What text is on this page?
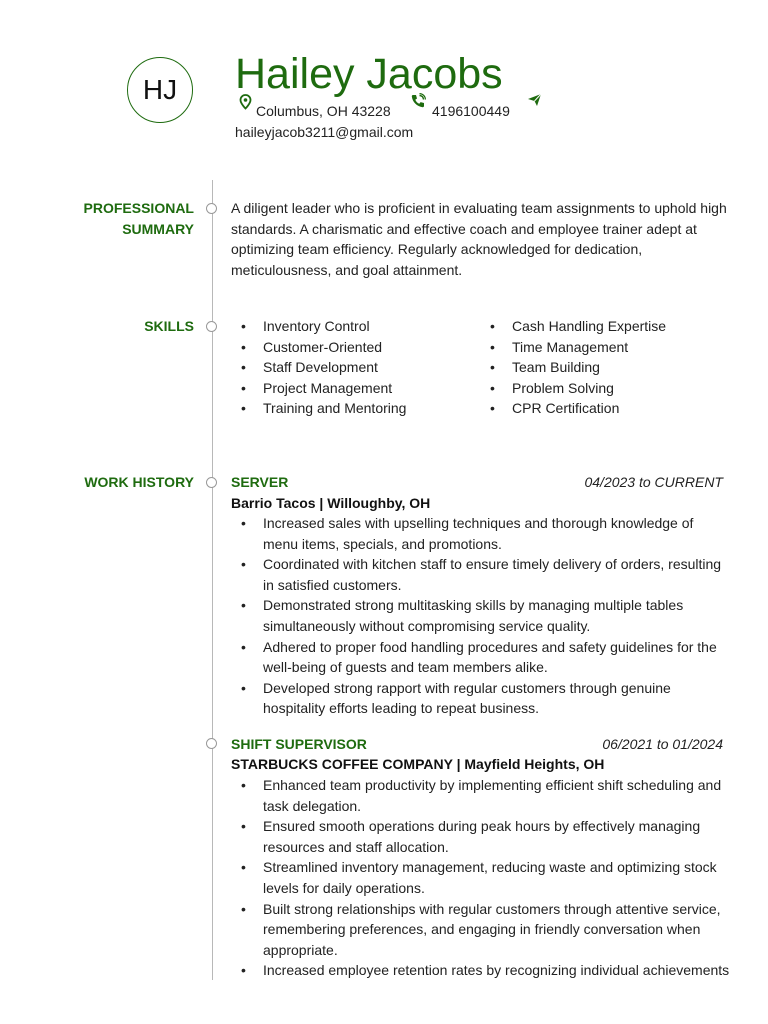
HJ Hailey Jacobs
Columbus, OH 43228	4196100449
haileyjacob3211@gmail.com
PROFESSIONAL
SUMMARY
A diligent leader who is proficient in evaluating team assignments to uphold high standards. A charismatic and effective coach and employee trainer adept at optimizing team efficiency. Regularly acknowledged for dedication, meticulousness, and goal attainment.
SKILLS
•	Inventory Control
• Customer-Oriented
• Staff Development
• Project Management
• Training and Mentoring
• Cash Handling Expertise
• Time Management
• Team Building
• Problem Solving
• CPR Certification
WORK HISTORY	SERVER	04/2023 to CURRENT
Barrio Tacos | Willoughby, OH
• Increased sales with upselling techniques and thorough knowledge of menu items, specials, and promotions.
• Coordinated with kitchen staff to ensure timely delivery of orders, resulting in satisfied customers.
• Demonstrated strong multitasking skills by managing multiple tables simultaneously without compromising service quality.
• Adhered to proper food handling procedures and safety guidelines for the well-being of guests and team members alike.
• Developed strong rapport with regular customers through genuine hospitality efforts leading to repeat business.
SHIFT SUPERVISOR	06/2021 to 01/2024
STARBUCKS COFFEE COMPANY | Mayfield Heights, OH
• Enhanced team productivity by implementing efficient shift scheduling and task delegation.
• Ensured smooth operations during peak hours by effectively managing resources and staff allocation.
• Streamlined inventory management, reducing waste and optimizing stock levels for daily operations.
• Built strong relationships with regular customers through attentive service, remembering preferences, and engaging in friendly conversation when appropriate.
• Increased employee retention rates by recognizing individual achievements
